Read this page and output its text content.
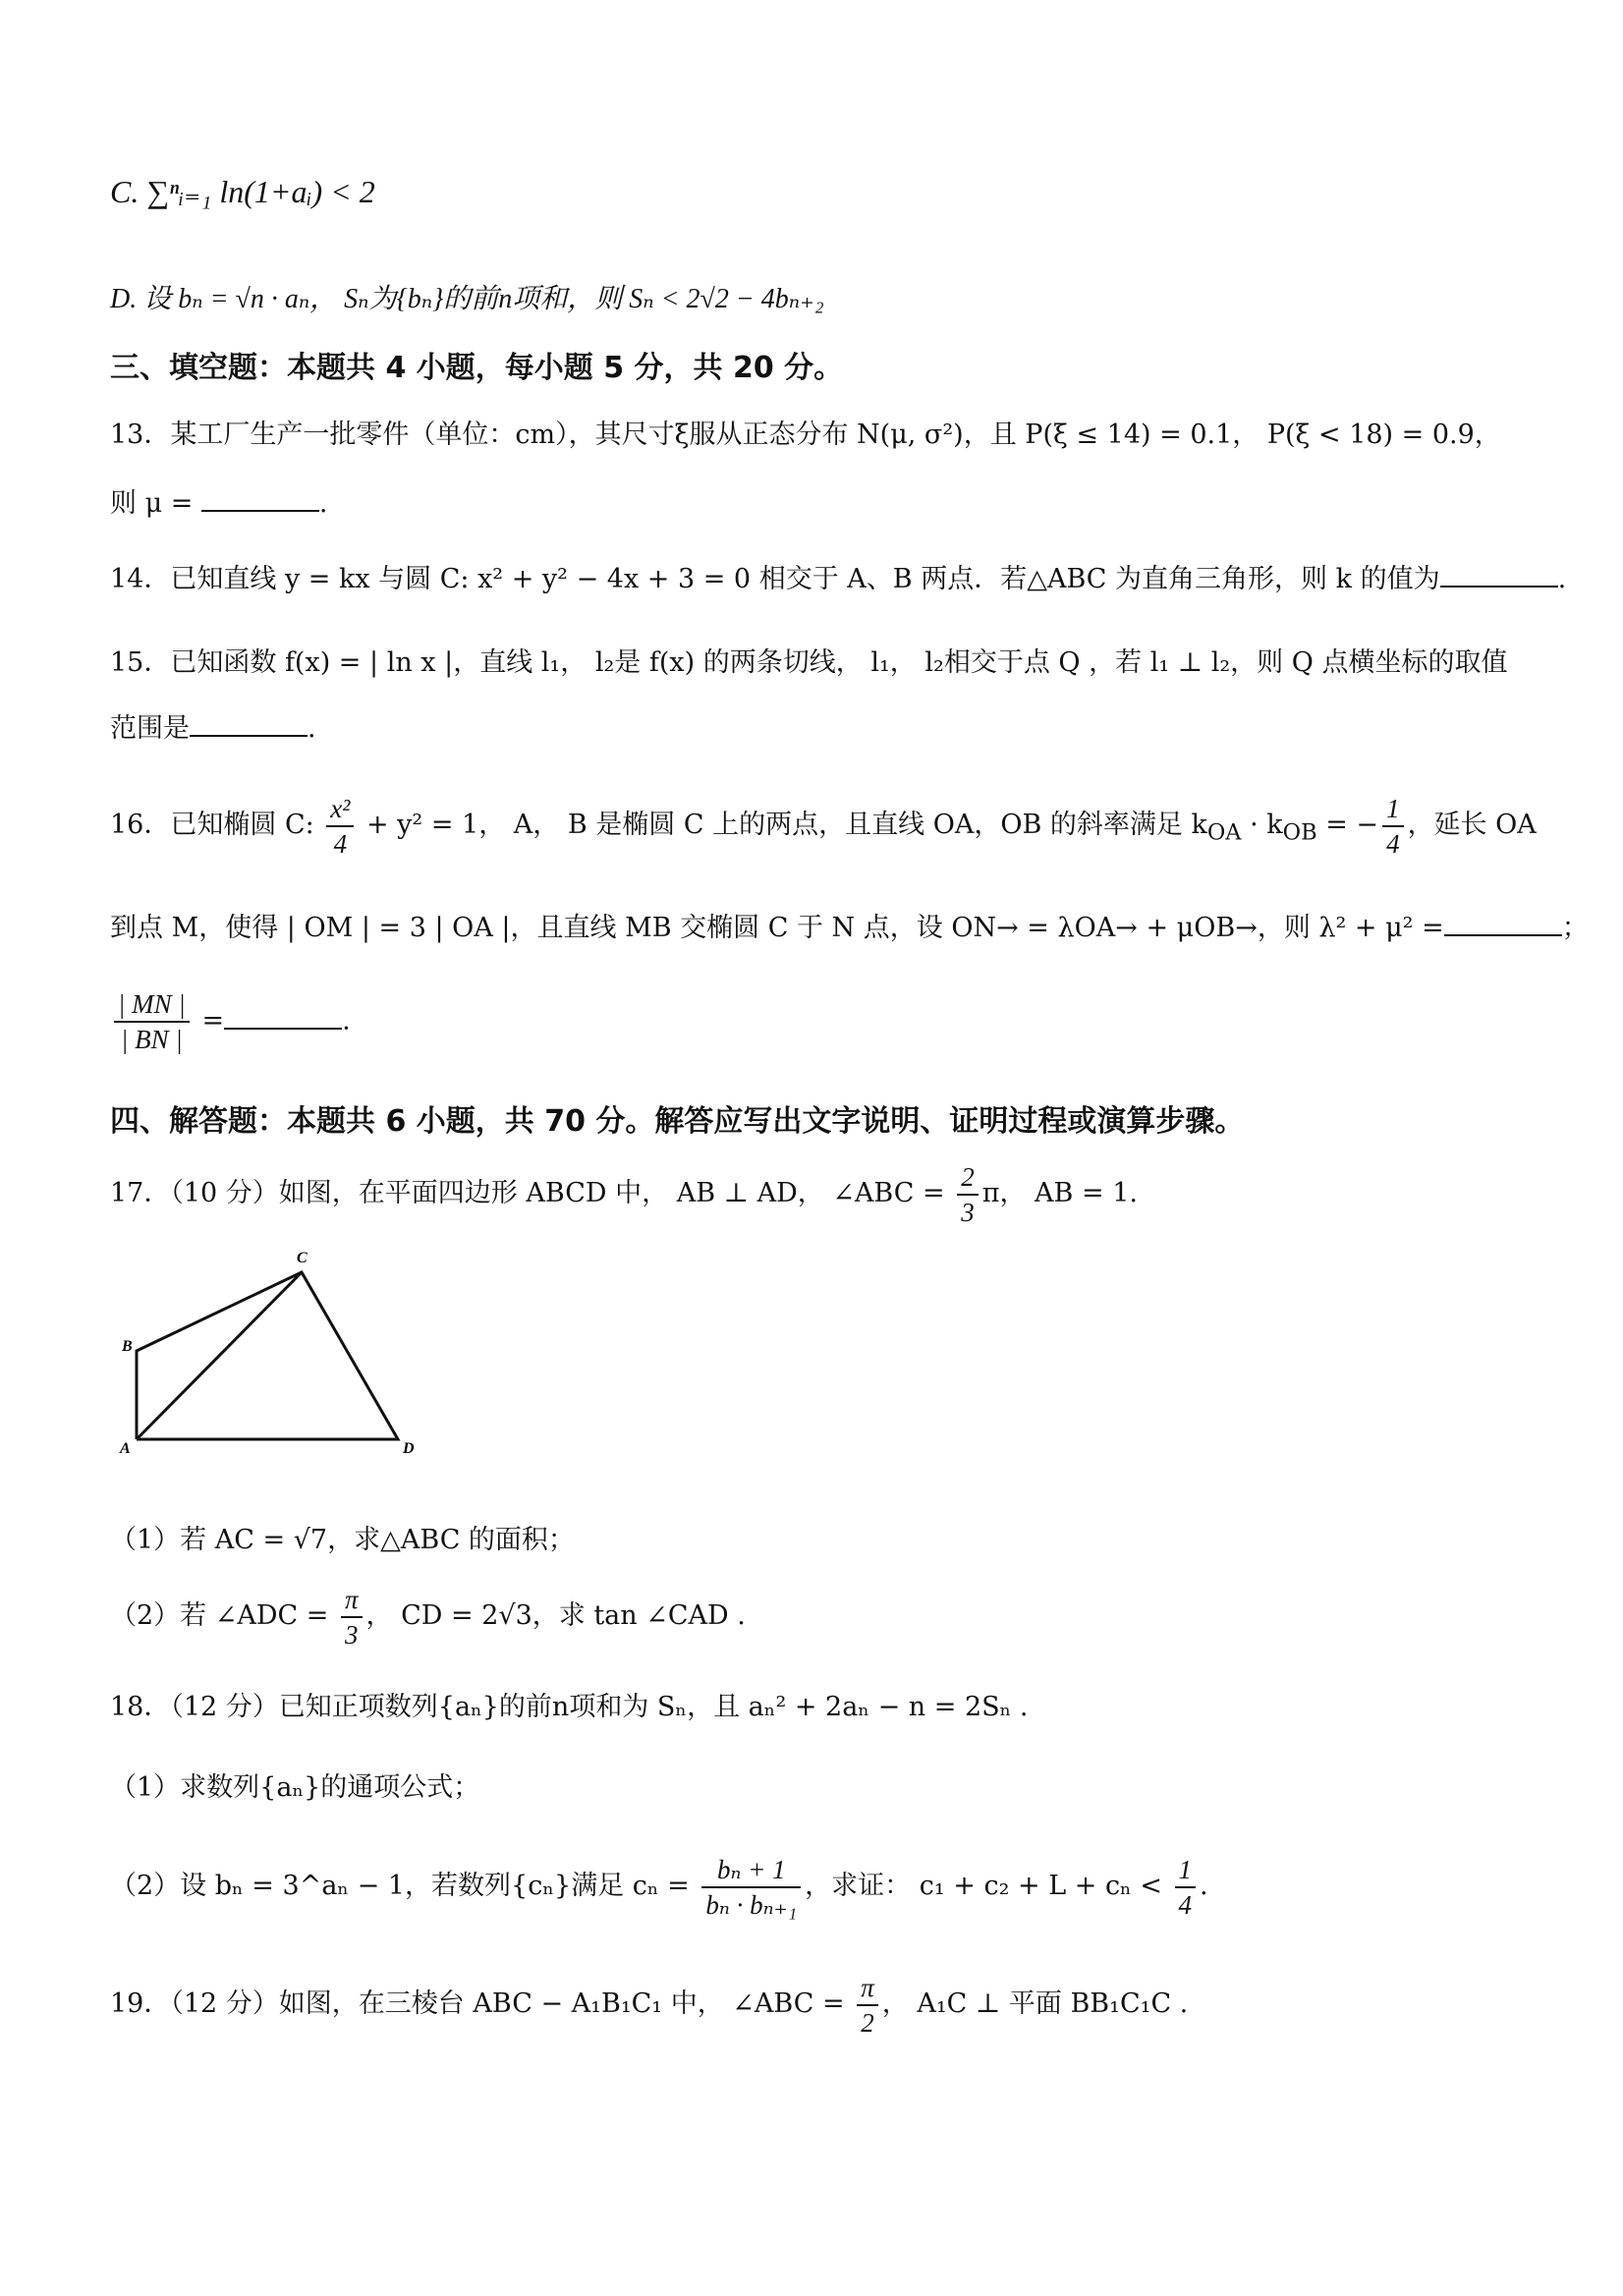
C. ∑ⁿᵢ₌₁ ln(1+aᵢ) < 2
D. 设 bₙ = √n · aₙ， Sₙ为{bₙ}的前n项和，则 Sₙ < 2√2 − 4bₙ₊₂
三、填空题：本题共 4 小题，每小题 5 分，共 20 分。
13．某工厂生产一批零件（单位：cm），其尺寸ξ服从正态分布 N(μ, σ²)，且 P(ξ ≤ 14) = 0.1， P(ξ < 18) = 0.9，
则 μ =	.
14．已知直线 y = kx 与圆 C: x² + y² − 4x + 3 = 0 相交于 A、B 两点．若△ABC 为直角三角形，则 k 的值为	.
15．已知函数 f(x) = | ln x |，直线 l₁， l₂是 f(x) 的两条切线， l₁， l₂相交于点 Q ，若 l₁ ⊥ l₂，则 Q 点横坐标的取值
范围是	.
16．已知椭圆 C: $\frac{\text{x²}}{4} + y^2 = 1$， A， B 是椭圆 C 上的两点，且直线 OA，OB 的斜率满足 $k_{OA} \cdot k_{OB}$ = − $\frac{1}{4}$ ，延长 OA
到点 M，使得 | OM | = 3 | OA |，且直线 MB 交椭圆 C 于 N 点，设 ON→ = λOA→ + μOB→，则 λ² + μ² =	；
$\frac{| MN |}{| BN |}$ =	.
四、解答题：本题共 6 小题，共 70 分。解答应写出文字说明、证明过程或演算步骤。
17．（10 分）如图，在平面四边形 ABCD 中， AB ⊥ AD， ∠ABC = $\frac{2}{3}$ π， AB = 1.
A
B
C
D
（1）若 AC = √7，求△ABC 的面积；
（2）若 ∠ADC = $\frac{\pi}{3}$ ， CD = 2√3，求 tan ∠CAD .
18．（12 分）已知正项数列{aₙ}的前n项和为 Sₙ，且 aₙ² + 2aₙ − n = 2Sₙ .
（1）求数列{aₙ}的通项公式；
（2）设 bₙ = 3^aₙ − 1，若数列{cₙ}满足 $c_n = \frac{\text{bₙ + 1}}{\text{bₙ · bₙ₊₁}}$ ，求证： $c_1 + c_2 + L + c_n < \frac{1}{4}$ .
19．（12 分）如图，在三棱台 ABC − A₁B₁C₁ 中， ∠ABC = $\frac{\pi}{2}$ ， A₁C ⊥ 平面 BB₁C₁C .
